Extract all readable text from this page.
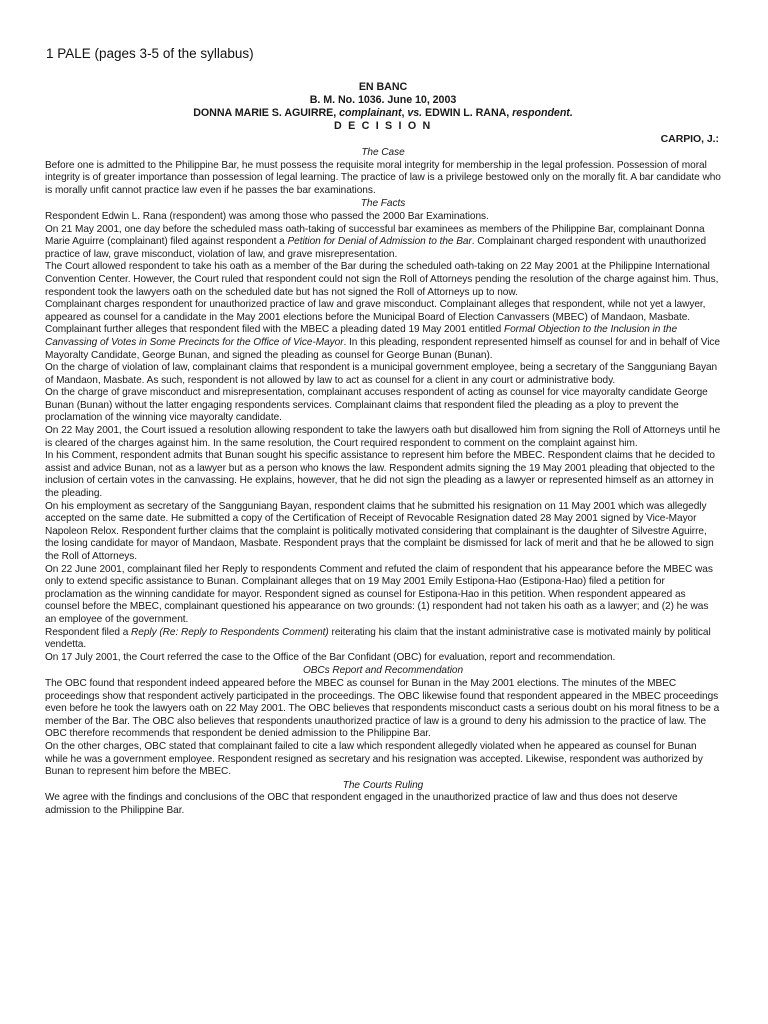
1 PALE (pages 3-5 of the syllabus)
EN BANC
B. M. No. 1036. June 10, 2003
DONNA MARIE S. AGUIRRE, complainant, vs. EDWIN L. RANA, respondent.
D E C I S I O N
CARPIO, J.:
The Case

Before one is admitted to the Philippine Bar, he must possess the requisite moral integrity for membership in the legal profession. Possession of moral integrity is of greater importance than possession of legal learning. The practice of law is a privilege bestowed only on the morally fit. A bar candidate who is morally unfit cannot practice law even if he passes the bar examinations.

The Facts

Respondent Edwin L. Rana (respondent) was among those who passed the 2000 Bar Examinations.

On 21 May 2001, one day before the scheduled mass oath-taking of successful bar examinees as members of the Philippine Bar, complainant Donna Marie Aguirre (complainant) filed against respondent a Petition for Denial of Admission to the Bar. Complainant charged respondent with unauthorized practice of law, grave misconduct, violation of law, and grave misrepresentation.

The Court allowed respondent to take his oath as a member of the Bar during the scheduled oath-taking on 22 May 2001 at the Philippine International Convention Center. However, the Court ruled that respondent could not sign the Roll of Attorneys pending the resolution of the charge against him. Thus, respondent took the lawyers oath on the scheduled date but has not signed the Roll of Attorneys up to now.

Complainant charges respondent for unauthorized practice of law and grave misconduct. Complainant alleges that respondent, while not yet a lawyer, appeared as counsel for a candidate in the May 2001 elections before the Municipal Board of Election Canvassers (MBEC) of Mandaon, Masbate. Complainant further alleges that respondent filed with the MBEC a pleading dated 19 May 2001 entitled Formal Objection to the Inclusion in the Canvassing of Votes in Some Precincts for the Office of Vice-Mayor. In this pleading, respondent represented himself as counsel for and in behalf of Vice Mayoralty Candidate, George Bunan, and signed the pleading as counsel for George Bunan (Bunan).

On the charge of violation of law, complainant claims that respondent is a municipal government employee, being a secretary of the Sangguniang Bayan of Mandaon, Masbate. As such, respondent is not allowed by law to act as counsel for a client in any court or administrative body.

On the charge of grave misconduct and misrepresentation, complainant accuses respondent of acting as counsel for vice mayoralty candidate George Bunan (Bunan) without the latter engaging respondents services. Complainant claims that respondent filed the pleading as a ploy to prevent the proclamation of the winning vice mayoralty candidate.

On 22 May 2001, the Court issued a resolution allowing respondent to take the lawyers oath but disallowed him from signing the Roll of Attorneys until he is cleared of the charges against him. In the same resolution, the Court required respondent to comment on the complaint against him.

In his Comment, respondent admits that Bunan sought his specific assistance to represent him before the MBEC. Respondent claims that he decided to assist and advice Bunan, not as a lawyer but as a person who knows the law. Respondent admits signing the 19 May 2001 pleading that objected to the inclusion of certain votes in the canvassing. He explains, however, that he did not sign the pleading as a lawyer or represented himself as an attorney in the pleading.

On his employment as secretary of the Sangguniang Bayan, respondent claims that he submitted his resignation on 11 May 2001 which was allegedly accepted on the same date. He submitted a copy of the Certification of Receipt of Revocable Resignation dated 28 May 2001 signed by Vice-Mayor Napoleon Relox. Respondent further claims that the complaint is politically motivated considering that complainant is the daughter of Silvestre Aguirre, the losing candidate for mayor of Mandaon, Masbate. Respondent prays that the complaint be dismissed for lack of merit and that he be allowed to sign the Roll of Attorneys.

On 22 June 2001, complainant filed her Reply to respondents Comment and refuted the claim of respondent that his appearance before the MBEC was only to extend specific assistance to Bunan. Complainant alleges that on 19 May 2001 Emily Estipona-Hao (Estipona-Hao) filed a petition for proclamation as the winning candidate for mayor. Respondent signed as counsel for Estipona-Hao in this petition. When respondent appeared as counsel before the MBEC, complainant questioned his appearance on two grounds: (1) respondent had not taken his oath as a lawyer; and (2) he was an employee of the government.

Respondent filed a Reply (Re: Reply to Respondents Comment) reiterating his claim that the instant administrative case is motivated mainly by political vendetta.

On 17 July 2001, the Court referred the case to the Office of the Bar Confidant (OBC) for evaluation, report and recommendation.

OBCs Report and Recommendation

The OBC found that respondent indeed appeared before the MBEC as counsel for Bunan in the May 2001 elections. The minutes of the MBEC proceedings show that respondent actively participated in the proceedings. The OBC likewise found that respondent appeared in the MBEC proceedings even before he took the lawyers oath on 22 May 2001. The OBC believes that respondents misconduct casts a serious doubt on his moral fitness to be a member of the Bar. The OBC also believes that respondents unauthorized practice of law is a ground to deny his admission to the practice of law. The OBC therefore recommends that respondent be denied admission to the Philippine Bar.

On the other charges, OBC stated that complainant failed to cite a law which respondent allegedly violated when he appeared as counsel for Bunan while he was a government employee. Respondent resigned as secretary and his resignation was accepted. Likewise, respondent was authorized by Bunan to represent him before the MBEC.

The Courts Ruling

We agree with the findings and conclusions of the OBC that respondent engaged in the unauthorized practice of law and thus does not deserve admission to the Philippine Bar.
